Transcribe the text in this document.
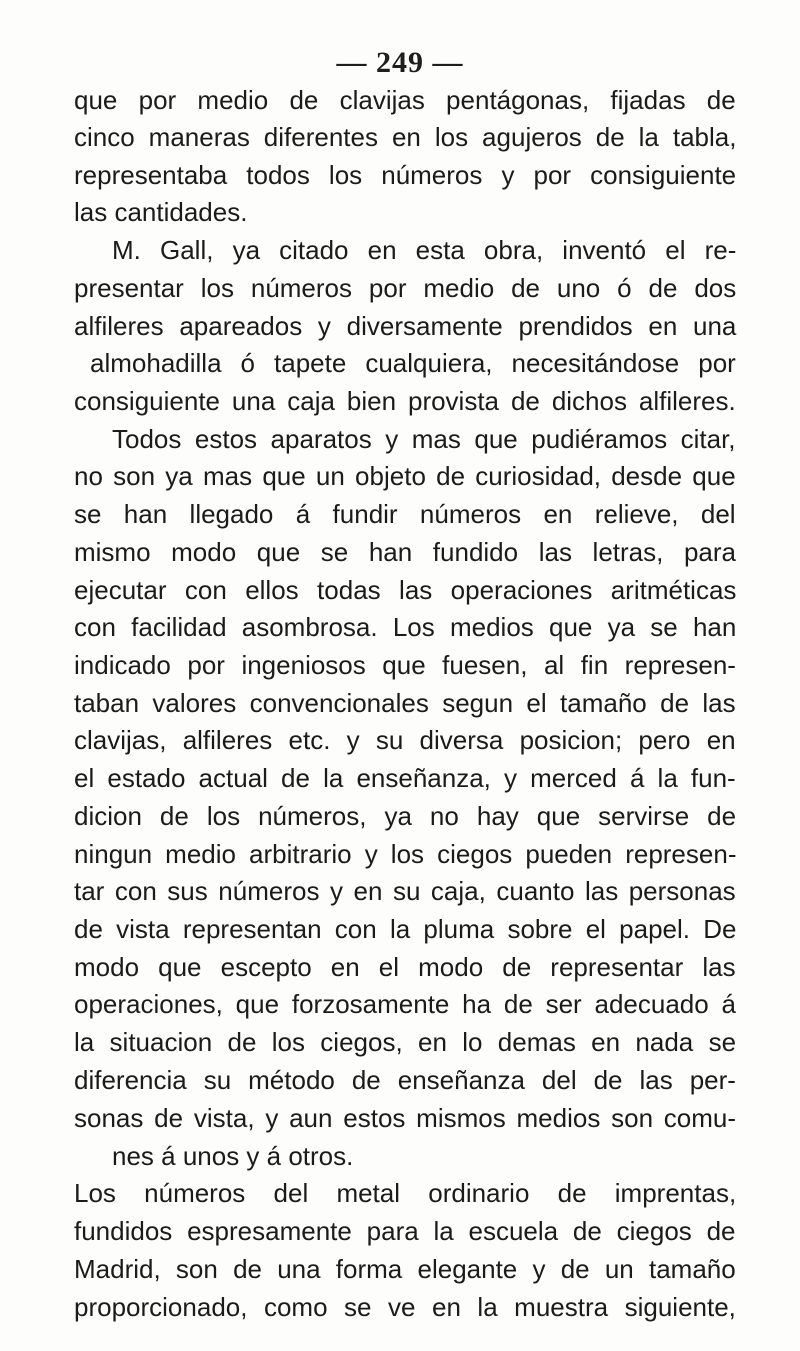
— 249 —
que por medio de clavijas pentágonas, fijadas de
cinco maneras diferentes en los agujeros de la tabla,
representaba todos los números y por consiguiente
las cantidades.
M. Gall, ya citado en esta obra, inventó el re-
presentar los números por medio de uno ó de dos
alfileres apareados y diversamente prendidos en una
almohadilla ó tapete cualquiera, necesitándose por
consiguiente una caja bien provista de dichos alfileres.
Todos estos aparatos y mas que pudiéramos citar,
no son ya mas que un objeto de curiosidad, desde que
se han llegado á fundir números en relieve, del
mismo modo que se han fundido las letras, para
ejecutar con ellos todas las operaciones aritméticas
con facilidad asombrosa. Los medios que ya se han
indicado por ingeniosos que fuesen, al fin represen-
taban valores convencionales segun el tamaño de las
clavijas, alfileres etc. y su diversa posicion; pero en
el estado actual de la enseñanza, y merced á la fun-
dicion de los números, ya no hay que servirse de
ningun medio arbitrario y los ciegos pueden represen-
tar con sus números y en su caja, cuanto las personas
de vista representan con la pluma sobre el papel. De
modo que escepto en el modo de representar las
operaciones, que forzosamente ha de ser adecuado á
la situacion de los ciegos, en lo demas en nada se
diferencia su método de enseñanza del de las per-
sonas de vista, y aun estos mismos medios son comu-
nes á unos y á otros.
Los números del metal ordinario de imprentas,
fundidos espresamente para la escuela de ciegos de
Madrid, son de una forma elegante y de un tamaño
proporcionado, como se ve en la muestra siguiente,
